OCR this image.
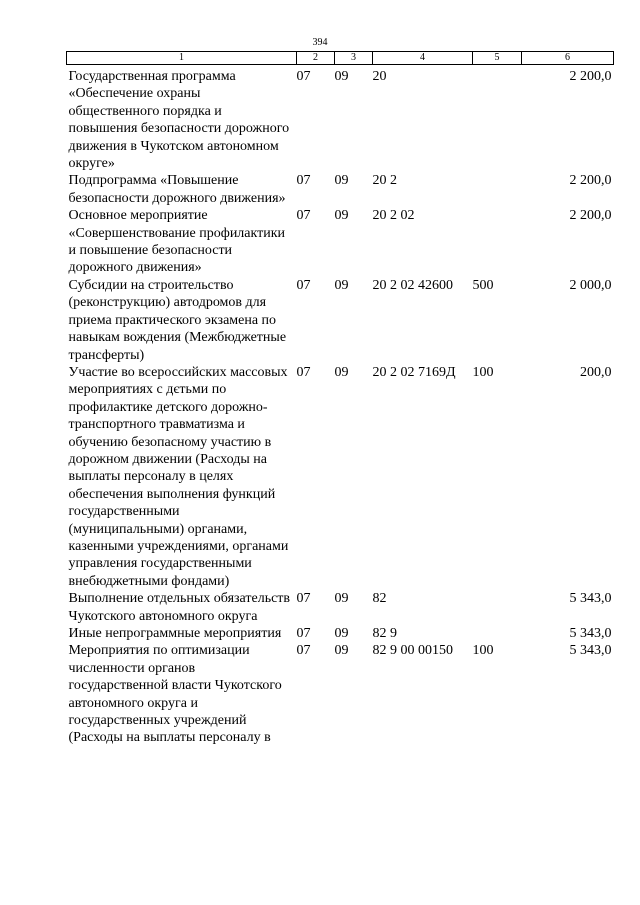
394
1	2	3	4	5	6
Государственная программа «Обеспечение охраны общественного порядка и повышения безопасности дорожного движения в Чукотском автономном округе»	07	09	20		2 200,0
Подпрограмма «Повышение безопасности дорожного движения»	07	09	20 2		2 200,0
Основное мероприятие «Совершенствование профилактики и повышение безопасности дорожного движения»	07	09	20 2 02		2 200,0
Субсидии на строительство (реконструкцию) автодромов для приема практического экзамена по навыкам вождения (Межбюджетные трансферты)	07	09	20 2 02 42600	500	2 000,0
Участие во всероссийских массовых мероприятиях с дєтьми по профилактике детского дорожно-транспортного травматизма и обучению безопасному участию в дорожном движении (Расходы на выплаты персоналу в целях обеспечения выполнения функций государственными (муниципальными) органами, казенными учреждениями, органами управления государственными внебюджетными фондами)	07	09	20 2 02 7169Д	100	200,0
Выполнение отдельных обязательств Чукотского автономного округа	07	09	82		5 343,0
Иные непрограммные мероприятия	07	09	82 9		5 343,0
Мероприятия по оптимизации численности органов государственной власти Чукотского автономного округа и государственных учреждений (Расходы на выплаты персоналу в	07	09	82 9 00 00150	100	5 343,0
